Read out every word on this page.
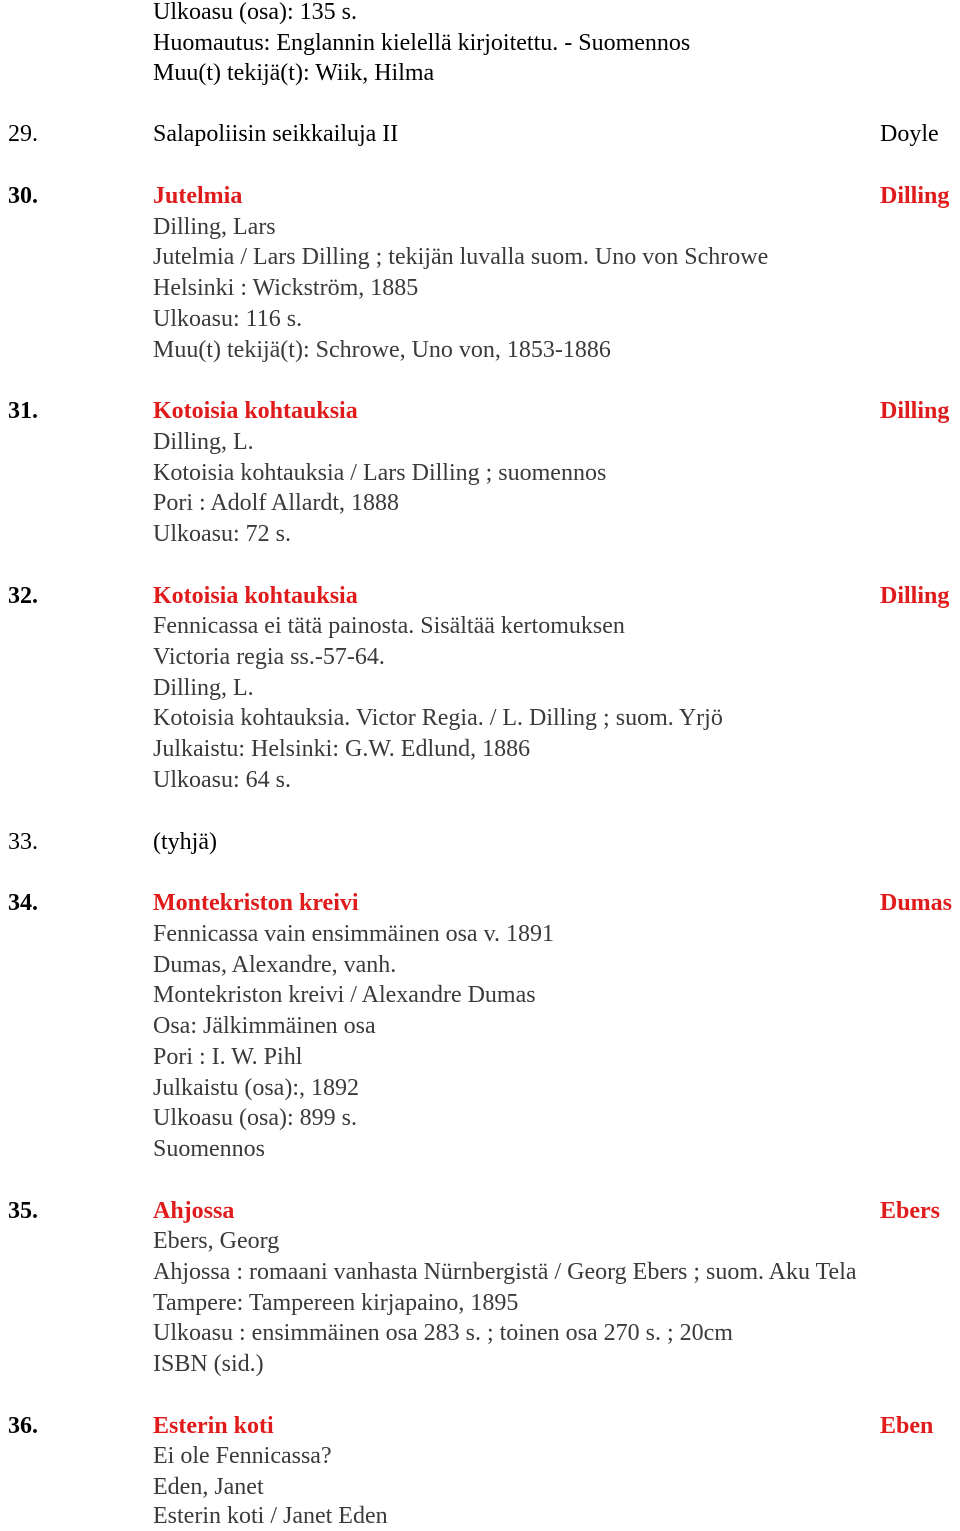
Ulkoasu (osa): 135 s.
Huomautus: Englannin kielellä kirjoitettu. - Suomennos
Muu(t) tekijä(t): Wiik, Hilma
29.	Salapoliisin seikkailuja II	Doyle
30.	Jutelmia	Dilling
Dilling, Lars
Jutelmia / Lars Dilling ; tekijän luvalla suom. Uno von Schrowe
Helsinki : Wickström, 1885
Ulkoasu: 116 s.
Muu(t) tekijä(t): Schrowe, Uno von, 1853-1886
31.	Kotoisia kohtauksia	Dilling
Dilling, L.
Kotoisia kohtauksia / Lars Dilling ; suomennos
Pori : Adolf Allardt, 1888
Ulkoasu: 72 s.
32.	Kotoisia kohtauksia	Dilling
Fennicassa ei tätä painosta. Sisältää kertomuksen
Victoria regia ss.-57-64.
Dilling, L.
Kotoisia kohtauksia. Victor Regia. / L. Dilling ; suom. Yrjö
Julkaistu: Helsinki: G.W. Edlund, 1886
Ulkoasu: 64 s.
33.	(tyhjä)
34.	Montekriston kreivi	Dumas
Fennicassa vain ensimmäinen osa v. 1891
Dumas, Alexandre, vanh.
Montekriston kreivi / Alexandre Dumas
Osa: Jälkimmäinen osa
Pori : I. W. Pihl
Julkaistu (osa):, 1892
Ulkoasu (osa): 899 s.
Suomennos
35.	Ahjossa	Ebers
Ebers, Georg
Ahjossa : romaani vanhasta Nürnbergistä / Georg Ebers ; suom. Aku Tela
Tampere: Tampereen kirjapaino, 1895
Ulkoasu : ensimmäinen osa 283 s. ; toinen osa 270 s. ; 20cm
ISBN (sid.)
36.	Esterin koti	Eben
Ei ole Fennicassa?
Eden, Janet
Esterin koti / Janet Eden
